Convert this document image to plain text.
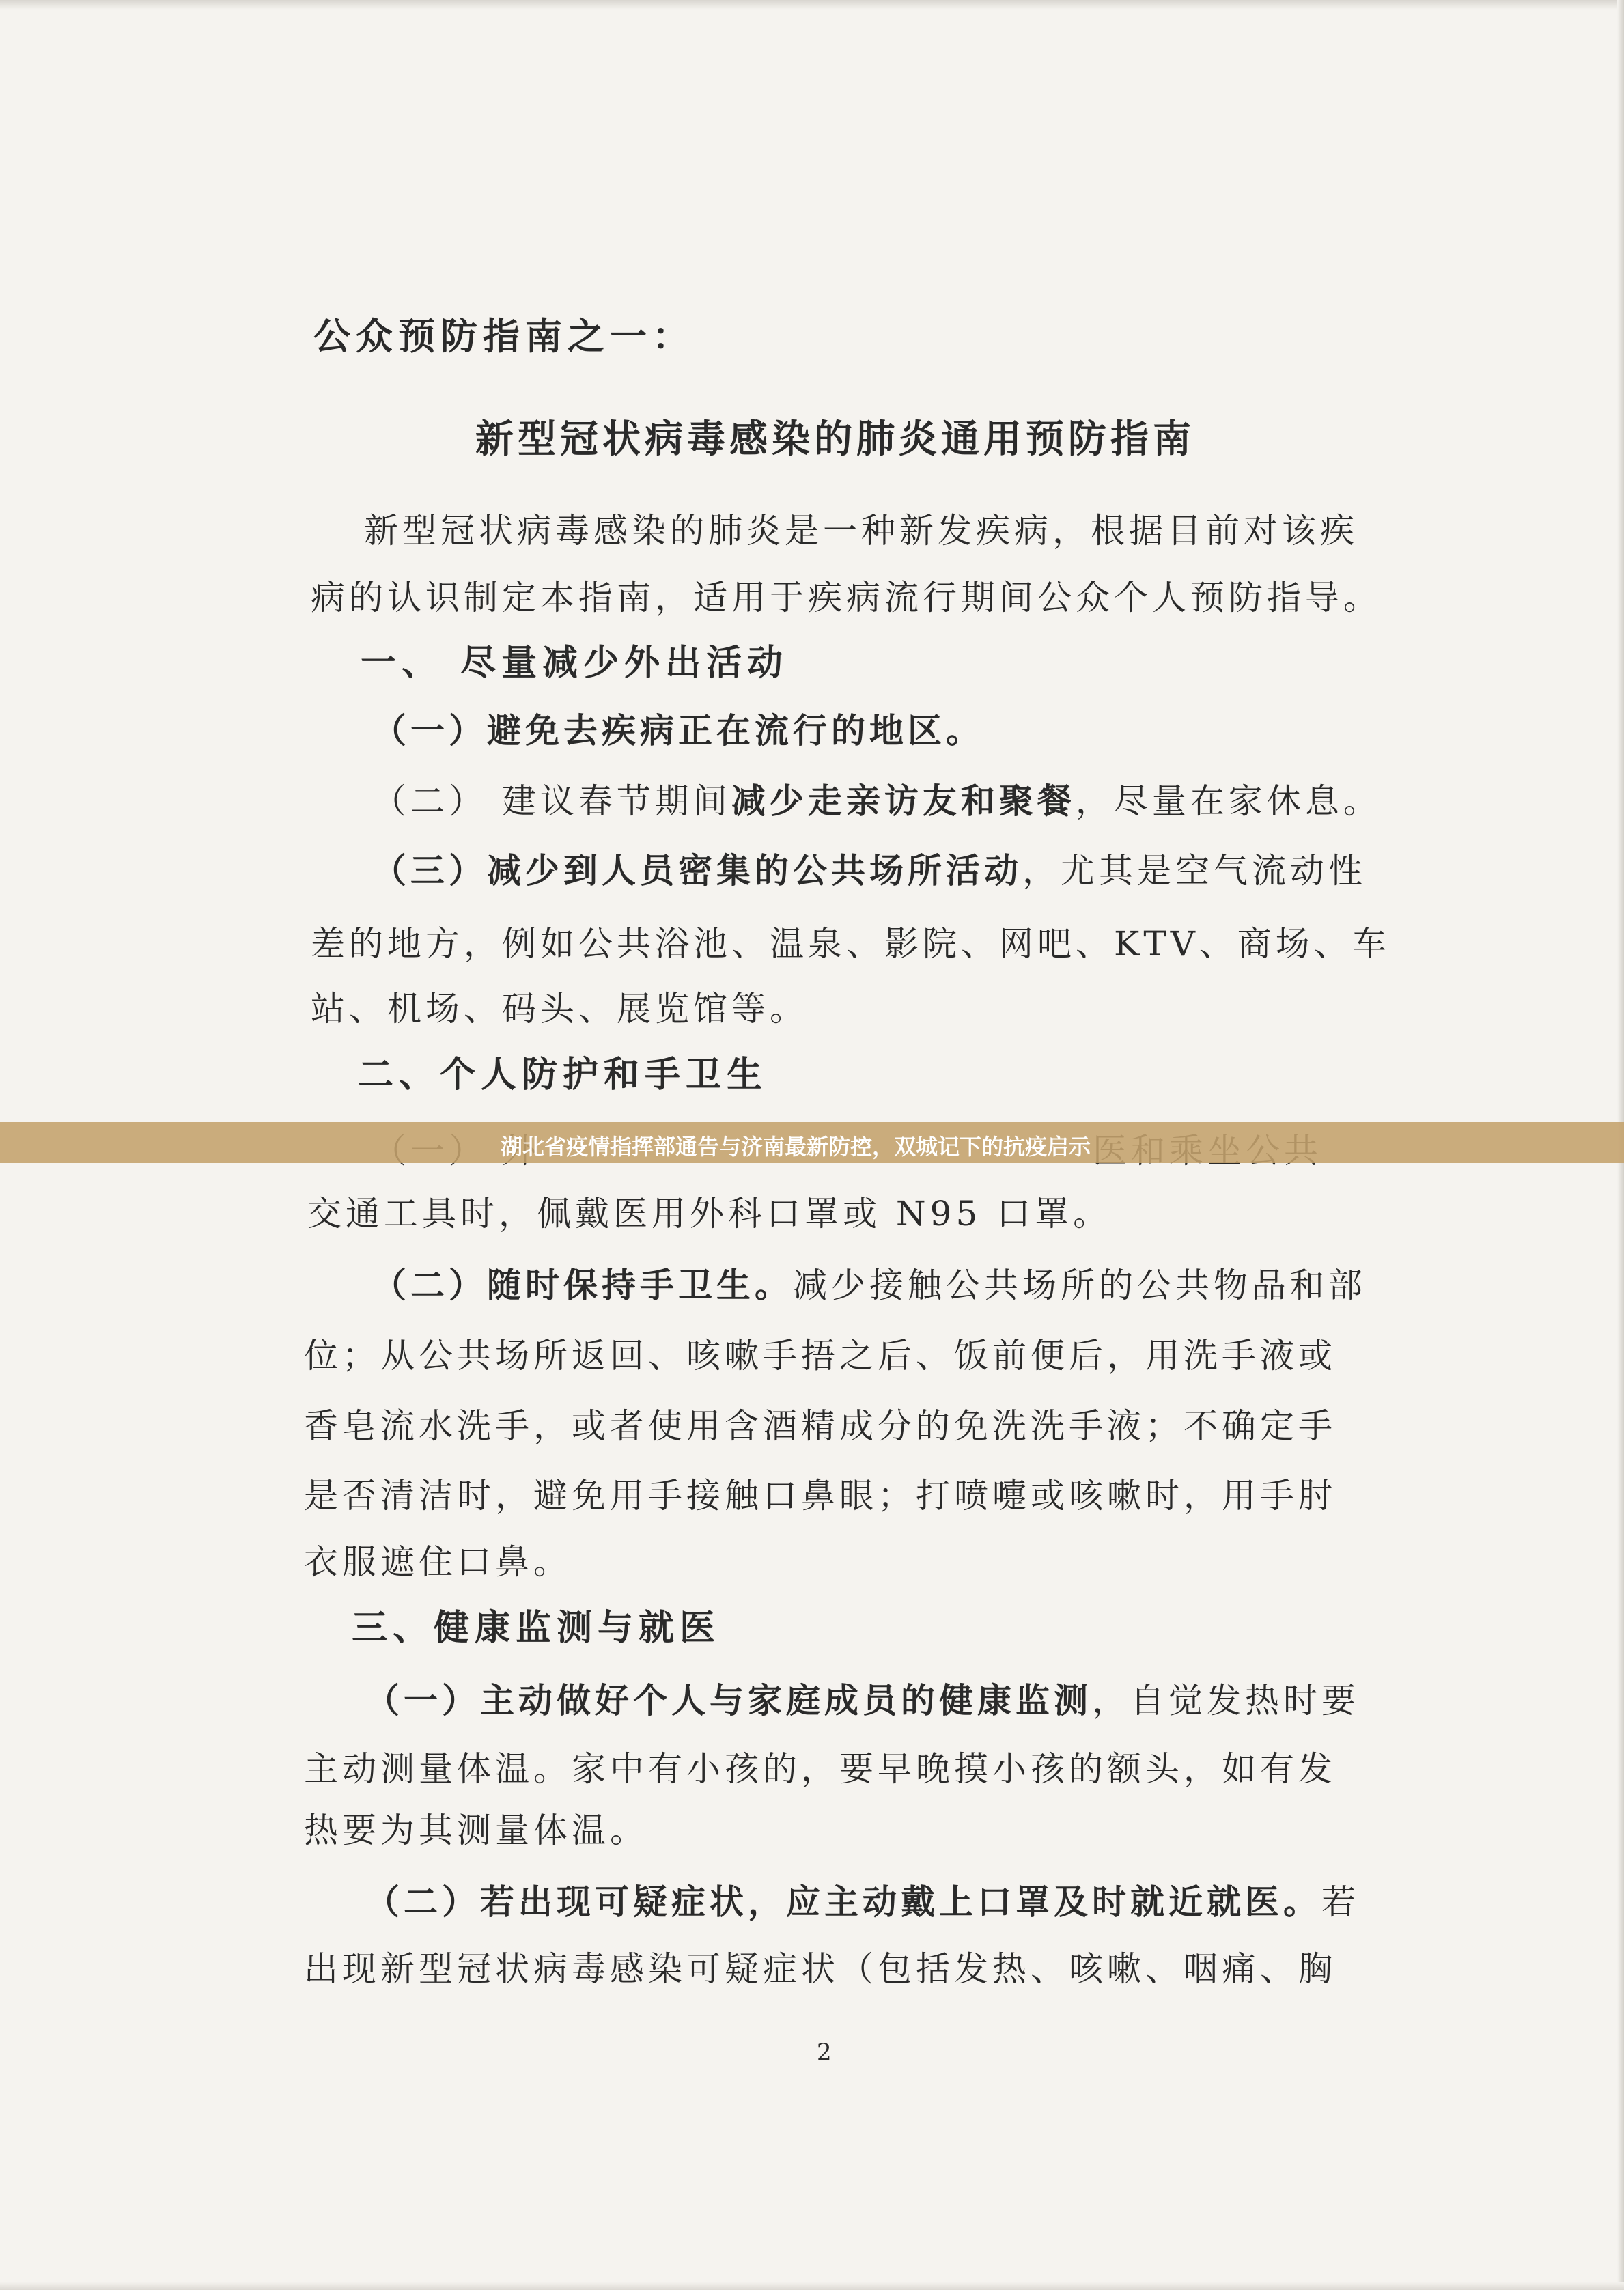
公众预防指南之一：
新型冠状病毒感染的肺炎通用预防指南
新型冠状病毒感染的肺炎是一种新发疾病，根据目前对该疾
病的认识制定本指南，适用于疾病流行期间公众个人预防指导。
一、 尽量减少外出活动
（一）避免去疾病正在流行的地区。
（二） 建议春节期间减少走亲访友和聚餐，尽量在家休息。
（三）减少到人员密集的公共场所活动，尤其是空气流动性
差的地方，例如公共浴池、温泉、影院、网吧、KTV、商场、车
站、机场、码头、展览馆等。
二、个人防护和手卫生
交通工具时，佩戴医用外科口罩或 N95 口罩。
（二）随时保持手卫生。减少接触公共场所的公共物品和部
位；从公共场所返回、咳嗽手捂之后、饭前便后，用洗手液或
香皂流水洗手，或者使用含酒精成分的免洗洗手液；不确定手
是否清洁时，避免用手接触口鼻眼；打喷嚏或咳嗽时，用手肘
衣服遮住口鼻。
三、健康监测与就医
（一）主动做好个人与家庭成员的健康监测，自觉发热时要
主动测量体温。家中有小孩的，要早晚摸小孩的额头，如有发
热要为其测量体温。
（二）若出现可疑症状，应主动戴上口罩及时就近就医。若
出现新型冠状病毒感染可疑症状（包括发热、咳嗽、咽痛、胸
2
湖北省疫情指挥部通告与济南最新防控，双城记下的抗疫启示
